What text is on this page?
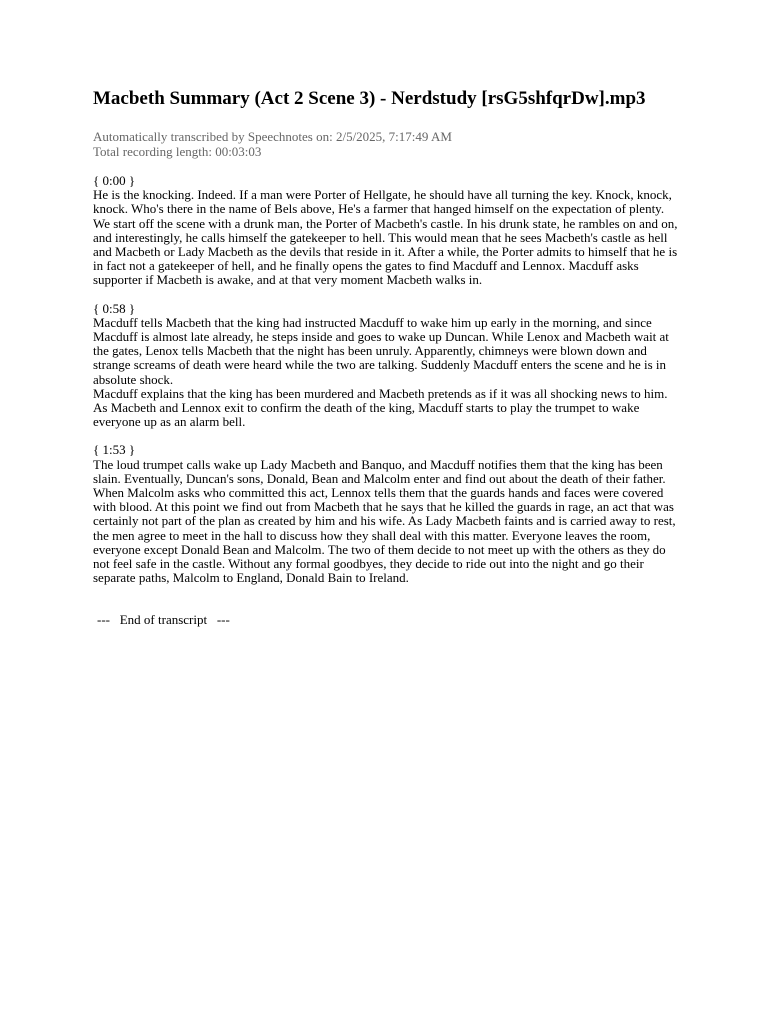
Macbeth Summary (Act 2 Scene 3) - Nerdstudy [rsG5shfqrDw].mp3
Automatically transcribed by Speechnotes on: 2/5/2025, 7:17:49 AM
Total recording length: 00:03:03
{ 0:00 }

He is the knocking. Indeed. If a man were Porter of Hellgate, he should have all turning the key. Knock, knock, knock. Who's there in the name of Bels above, He's a farmer that hanged himself on the expectation of plenty. We start off the scene with a drunk man, the Porter of Macbeth's castle. In his drunk state, he rambles on and on, and interestingly, he calls himself the gatekeeper to hell. This would mean that he sees Macbeth's castle as hell and Macbeth or Lady Macbeth as the devils that reside in it. After a while, the Porter admits to himself that he is in fact not a gatekeeper of hell, and he finally opens the gates to find Macduff and Lennox. Macduff asks supporter if Macbeth is awake, and at that very moment Macbeth walks in.

{ 0:58 }

Macduff tells Macbeth that the king had instructed Macduff to wake him up early in the morning, and since Macduff is almost late already, he steps inside and goes to wake up Duncan. While Lenox and Macbeth wait at the gates, Lenox tells Macbeth that the night has been unruly. Apparently, chimneys were blown down and strange screams of death were heard while the two are talking. Suddenly Macduff enters the scene and he is in absolute shock.

Macduff explains that the king has been murdered and Macbeth pretends as if it was all shocking news to him. As Macbeth and Lennox exit to confirm the death of the king, Macduff starts to play the trumpet to wake everyone up as an alarm bell.

{ 1:53 }

The loud trumpet calls wake up Lady Macbeth and Banquo, and Macduff notifies them that the king has been slain. Eventually, Duncan's sons, Donald, Bean and Malcolm enter and find out about the death of their father. When Malcolm asks who committed this act, Lennox tells them that the guards hands and faces were covered with blood. At this point we find out from Macbeth that he says that he killed the guards in rage, an act that was certainly not part of the plan as created by him and his wife. As Lady Macbeth faints and is carried away to rest, the men agree to meet in the hall to discuss how they shall deal with this matter. Everyone leaves the room, everyone except Donald Bean and Malcolm. The two of them decide to not meet up with the others as they do not feel safe in the castle. Without any formal goodbyes, they decide to ride out into the night and go their separate paths, Malcolm to England, Donald Bain to Ireland.

---   End of transcript   ---
